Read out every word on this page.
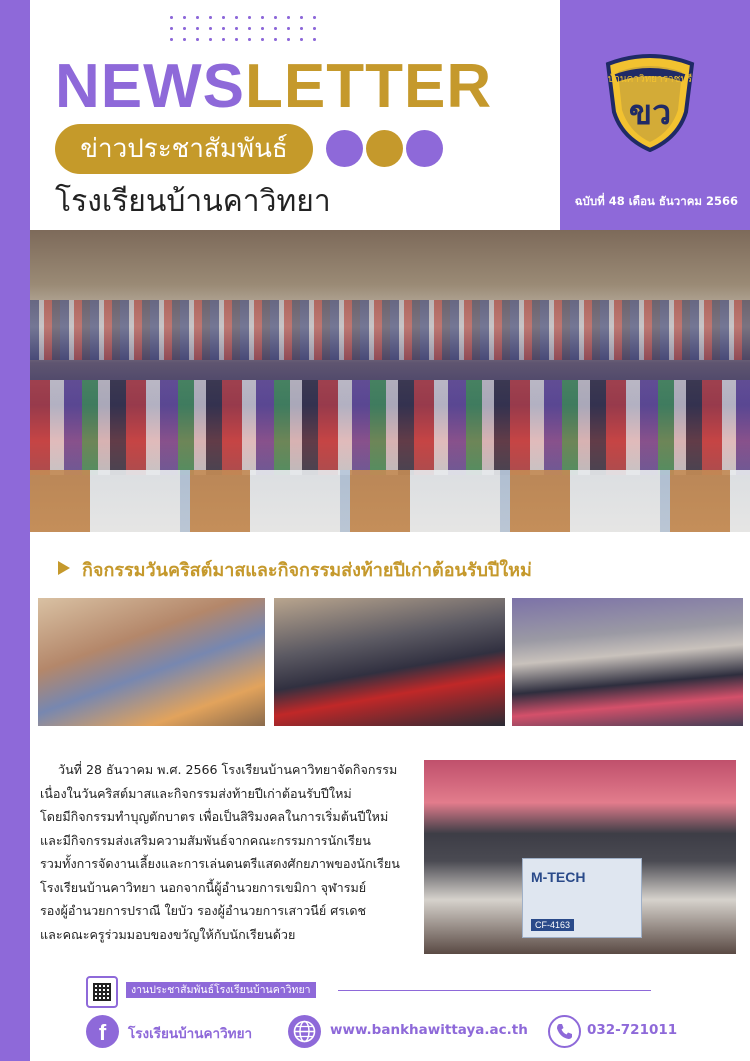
NEWSLETTER
ข่าวประชาสัมพันธ์
โรงเรียนบ้านคาวิทยา
บ้านคาวิทยาราชบุรี
ขว
ฉบับที่ 48 เดือน ธันวาคม 2566
กิจกรรมวันคริสต์มาสและกิจกรรมส่งท้ายปีเก่าต้อนรับปีใหม่

วันที่ 28 ธันวาคม พ.ศ. 2566 โรงเรียนบ้านคาวิทยาจัดกิจกรรม

เนื่องในวันคริสต์มาสและกิจกรรมส่งท้ายปีเก่าต้อนรับปีใหม่

โดยมีกิจกรรมทำบุญตักบาตร เพื่อเป็นสิริมงคลในการเริ่มต้นปีใหม่

และมีกิจกรรมส่งเสริมความสัมพันธ์จากคณะกรรมการนักเรียน

รวมทั้งการจัดงานเลี้ยงและการเล่นดนตรีแสดงศักยภาพของนักเรียน

โรงเรียนบ้านคาวิทยา นอกจากนี้ผู้อำนวยการเขมิกา จุฬารมย์

รองผู้อำนวยการปราณี ใยบัว รองผู้อำนวยการเสาวนีย์ ศรเดช

และคณะครูร่วมมอบของขวัญให้กับนักเรียนด้วย

M-TECH
CF-4163
งานประชาสัมพันธ์โรงเรียนบ้านคาวิทยา
f โรงเรียนบ้านคาวิทยา	www.bankhawittaya.ac.th	032-721011
